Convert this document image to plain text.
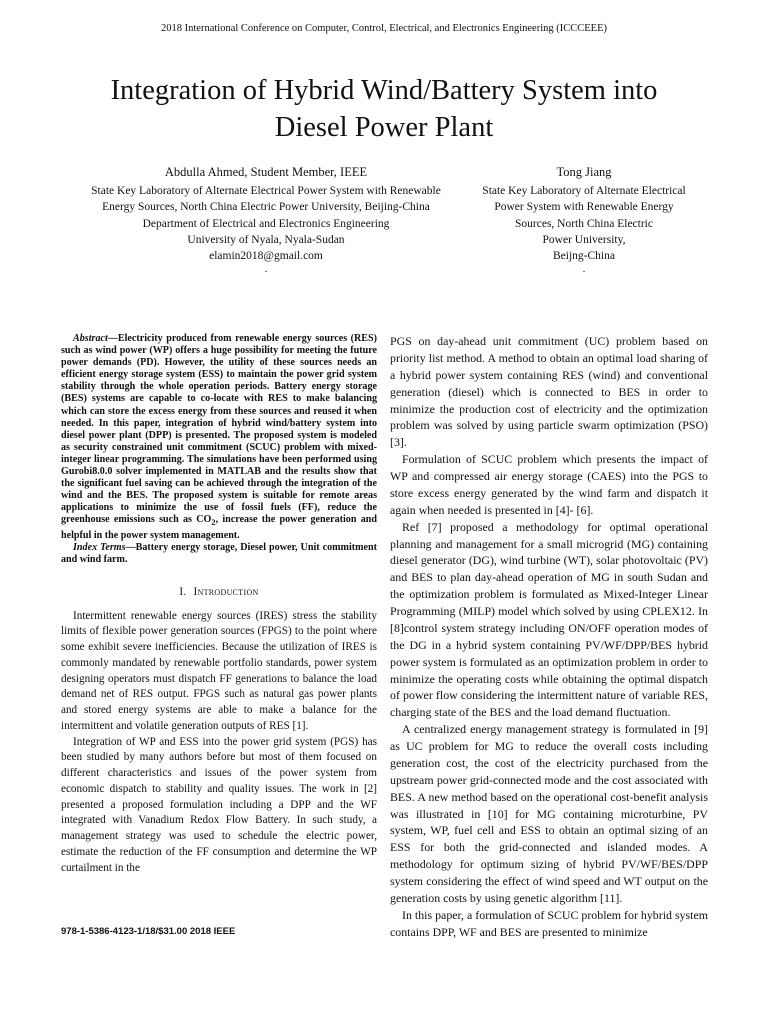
2018 International Conference on Computer, Control, Electrical, and Electronics Engineering (ICCCEEE)
Integration of Hybrid Wind/Battery System into
Diesel Power Plant
Abdulla Ahmed, Student Member, IEEE
State Key Laboratory of Alternate Electrical Power System with Renewable
Energy Sources, North China Electric Power University, Beijing-China
Department of Electrical and Electronics Engineering
University of Nyala, Nyala-Sudan
elamin2018@gmail.com
.
Tong Jiang
State Key Laboratory of Alternate Electrical
Power System with Renewable Energy
Sources, North China Electric
Power University,
Beijng-China
.

Abstract—Electricity produced from renewable energy sources (RES) such as wind power (WP) offers a huge possibility for meeting the future power demands (PD). However, the utility of these sources needs an efficient energy storage system (ESS) to maintain the power grid system stability through the whole operation periods. Battery energy storage (BES) systems are capable to co-locate with RES to make balancing which can store the excess energy from these sources and reused it when needed. In this paper, integration of hybrid wind/battery system into diesel power plant (DPP) is presented. The proposed system is modeled as security constrained unit commitment (SCUC) problem with mixed-integer linear programming. The simulations have been performed using Gurobi8.0.0 solver implemented in MATLAB and the results show that the significant fuel saving can be achieved through the integration of the wind and the BES. The proposed system is suitable for remote areas applications to minimize the use of fossil fuels (FF), reduce the greenhouse emissions such as $CO_2$, increase the power generation and helpful in the power system management.

Index Terms—Battery energy storage, Diesel power, Unit commitment and wind farm.

I. Introduction

Intermittent renewable energy sources (IRES) stress the stability limits of flexible power generation sources (FPGS) to the point where some exhibit severe inefficiencies. Because the utilization of IRES is commonly mandated by renewable portfolio standards, power system designing operators must dispatch FF generations to balance the load demand net of RES output. FPGS such as natural gas power plants and stored energy systems are able to make a balance for the intermittent and volatile generation outputs of RES [1].

Integration of WP and ESS into the power grid system (PGS) has been studied by many authors before but most of them focused on different characteristics and issues of the power system from economic dispatch to stability and quality issues. The work in [2] presented a proposed formulation including a DPP and the WF integrated with Vanadium Redox Flow Battery. In such study, a management strategy was used to schedule the electric power, estimate the reduction of the FF consumption and determine the WP curtailment in the

PGS on day-ahead unit commitment (UC) problem based on priority list method. A method to obtain an optimal load sharing of a hybrid power system containing RES (wind) and conventional generation (diesel) which is connected to BES in order to minimize the production cost of electricity and the optimization problem was solved by using particle swarm optimization (PSO) [3].

Formulation of SCUC problem which presents the impact of WP and compressed air energy storage (CAES) into the PGS to store excess energy generated by the wind farm and dispatch it again when needed is presented in [4]- [6].

Ref [7] proposed a methodology for optimal operational planning and management for a small microgrid (MG) containing diesel generator (DG), wind turbine (WT), solar photovoltaic (PV) and BES to plan day-ahead operation of MG in south Sudan and the optimization problem is formulated as Mixed-Integer Linear Programming (MILP) model which solved by using CPLEX12. In [8]control system strategy including ON/OFF operation modes of the DG in a hybrid system containing PV/WF/DPP/BES hybrid power system is formulated as an optimization problem in order to minimize the operating costs while obtaining the optimal dispatch of power flow considering the intermittent nature of variable RES, charging state of the BES and the load demand fluctuation.

A centralized energy management strategy is formulated in [9] as UC problem for MG to reduce the overall costs including generation cost, the cost of the electricity purchased from the upstream power grid-connected mode and the cost associated with BES. A new method based on the operational cost-benefit analysis was illustrated in [10] for MG containing microturbine, PV system, WP, fuel cell and ESS to obtain an optimal sizing of an ESS for both the grid-connected and islanded modes. A methodology for optimum sizing of hybrid PV/WF/BES/DPP system considering the effect of wind speed and WT output on the generation costs by using genetic algorithm [11].

In this paper, a formulation of SCUC problem for hybrid system contains DPP, WF and BES are presented to minimize

978-1-5386-4123-1/18/$31.00 2018 IEEE
